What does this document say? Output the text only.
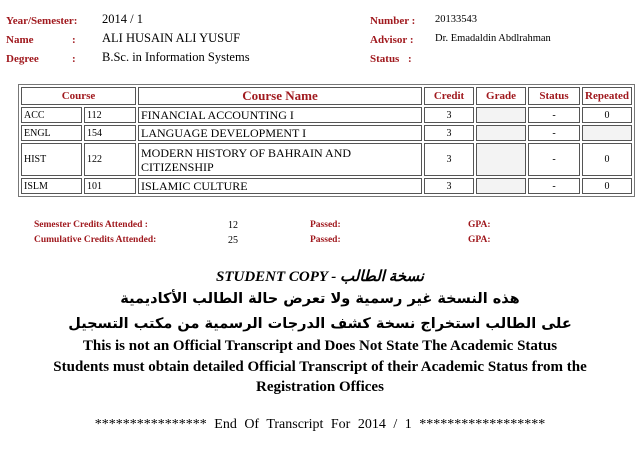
Year/Semester: 2014 / 1
Name	: ALI HUSAIN ALI YUSUF
Degree	: B.Sc. in Information Systems
Number : 20133543
Advisor : Dr. Emadaldin Abdlrahman
Status :
Course		Course Name	Credit	Grade	Status	Repeated
ACC	112	FINANCIAL ACCOUNTING I	3		-	0
ENGL	154	LANGUAGE DEVELOPMENT I	3		-	
HIST	122	MODERN HISTORY OF BAHRAIN AND CITIZENSHIP	3		-	0
ISLM	101	ISLAMIC CULTURE	3		-	0
Semester Credits Attended :	12	Passed:	GPA:
Cumulative Credits Attended:	25	Passed:	GPA:
STUDENT COPY - نسخة الطالب
هذه النسخة غير رسمية ولا تعرض حالة الطالب الأكاديمية
على الطالب استخراج نسخة كشف الدرجات الرسمية من مكتب التسجيل
This is not an Official Transcript and Does Not State The Academic Status
Students must obtain detailed Official Transcript of their Academic Status from the
Registration Offices
**************** End Of Transcript For 2014 / 1 ******************
